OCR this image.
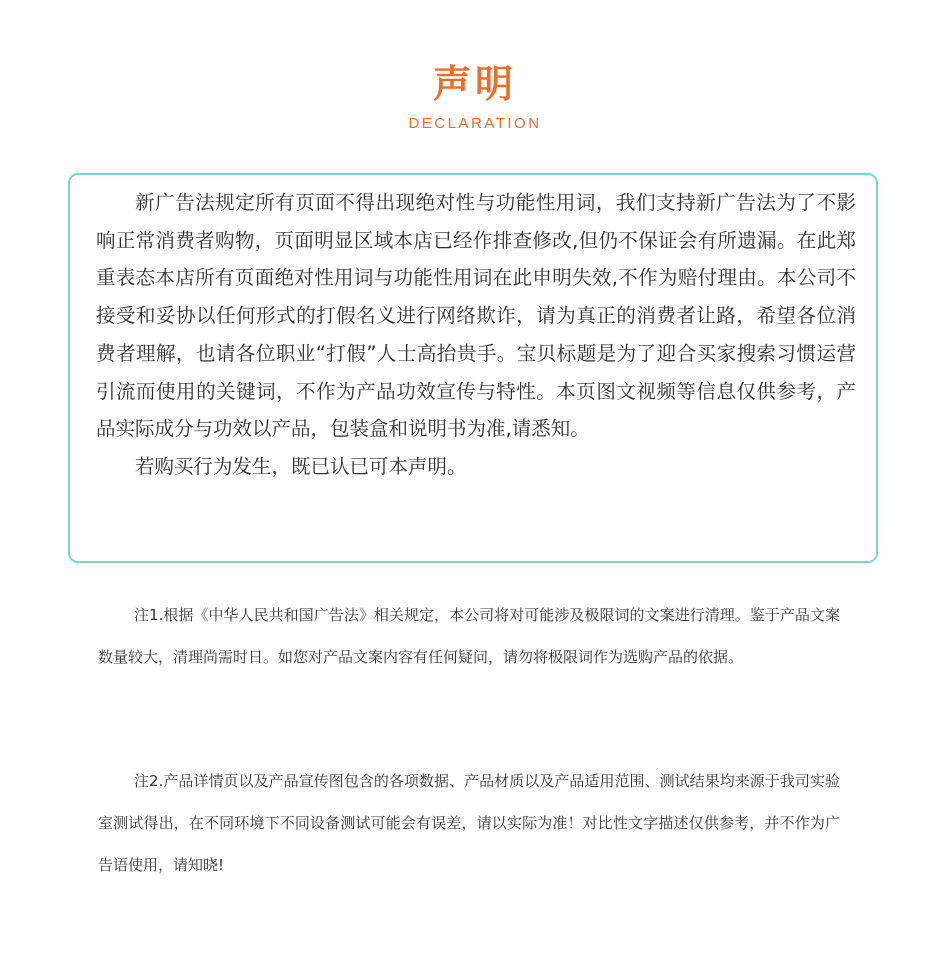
声明
DECLARATION

新广告法规定所有页面不得出现绝对性与功能性用词，我们支持新广告法为了不影响正常消费者购物，页面明显区域本店已经作排查修改,但仍不保证会有所遗漏。在此郑重表态本店所有页面绝对性用词与功能性用词在此申明失效,不作为赔付理由。本公司不接受和妥协以任何形式的打假名义进行网络欺诈，请为真正的消费者让路，希望各位消费者理解，也请各位职业“打假”人士高抬贵手。宝贝标题是为了迎合买家搜索习惯运营引流而使用的关键词，不作为产品功效宣传与特性。本页图文视频等信息仅供参考，产品实际成分与功效以产品，包装盒和说明书为准,请悉知。

若购买行为发生，既已认已可本声明。

注1.根据《中华人民共和国广告法》相关规定，本公司将对可能涉及极限词的文案进行清理。鉴于产品文案数量较大，清理尚需时日。如您对产品文案内容有任何疑问，请勿将极限词作为选购产品的依据。

注2.产品详情页以及产品宣传图包含的各项数据、产品材质以及产品适用范围、测试结果均来源于我司实验室测试得出，在不同环境下不同设备测试可能会有误差，请以实际为准！对比性文字描述仅供参考，并不作为广告语使用，请知晓!
